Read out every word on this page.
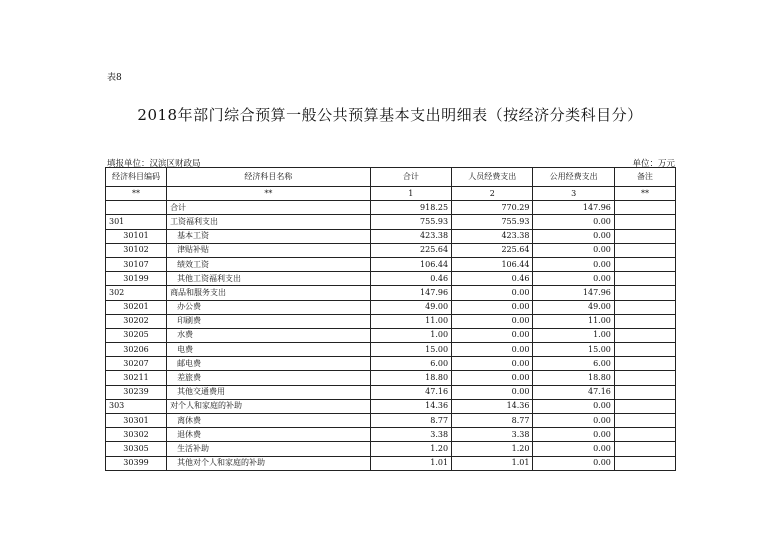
表8
2018年部门综合预算一般公共预算基本支出明细表（按经济分类科目分）
填报单位：汉滨区财政局	单位：万元
经济科目编码	经济科目名称	合计	人员经费支出	公用经费支出	备注
**	**	1	2	3	**
	合计	918.25	770.29	147.96	
301	工资福利支出	755.93	755.93	0.00	
30101	基本工资	423.38	423.38	0.00	
30102	津贴补贴	225.64	225.64	0.00	
30107	绩效工资	106.44	106.44	0.00	
30199	其他工资福利支出	0.46	0.46	0.00	
302	商品和服务支出	147.96	0.00	147.96	
30201	办公费	49.00	0.00	49.00	
30202	印刷费	11.00	0.00	11.00	
30205	水费	1.00	0.00	1.00	
30206	电费	15.00	0.00	15.00	
30207	邮电费	6.00	0.00	6.00	
30211	差旅费	18.80	0.00	18.80	
30239	其他交通费用	47.16	0.00	47.16	
303	对个人和家庭的补助	14.36	14.36	0.00	
30301	离休费	8.77	8.77	0.00	
30302	退休费	3.38	3.38	0.00	
30305	生活补助	1.20	1.20	0.00	
30399	其他对个人和家庭的补助	1.01	1.01	0.00	
